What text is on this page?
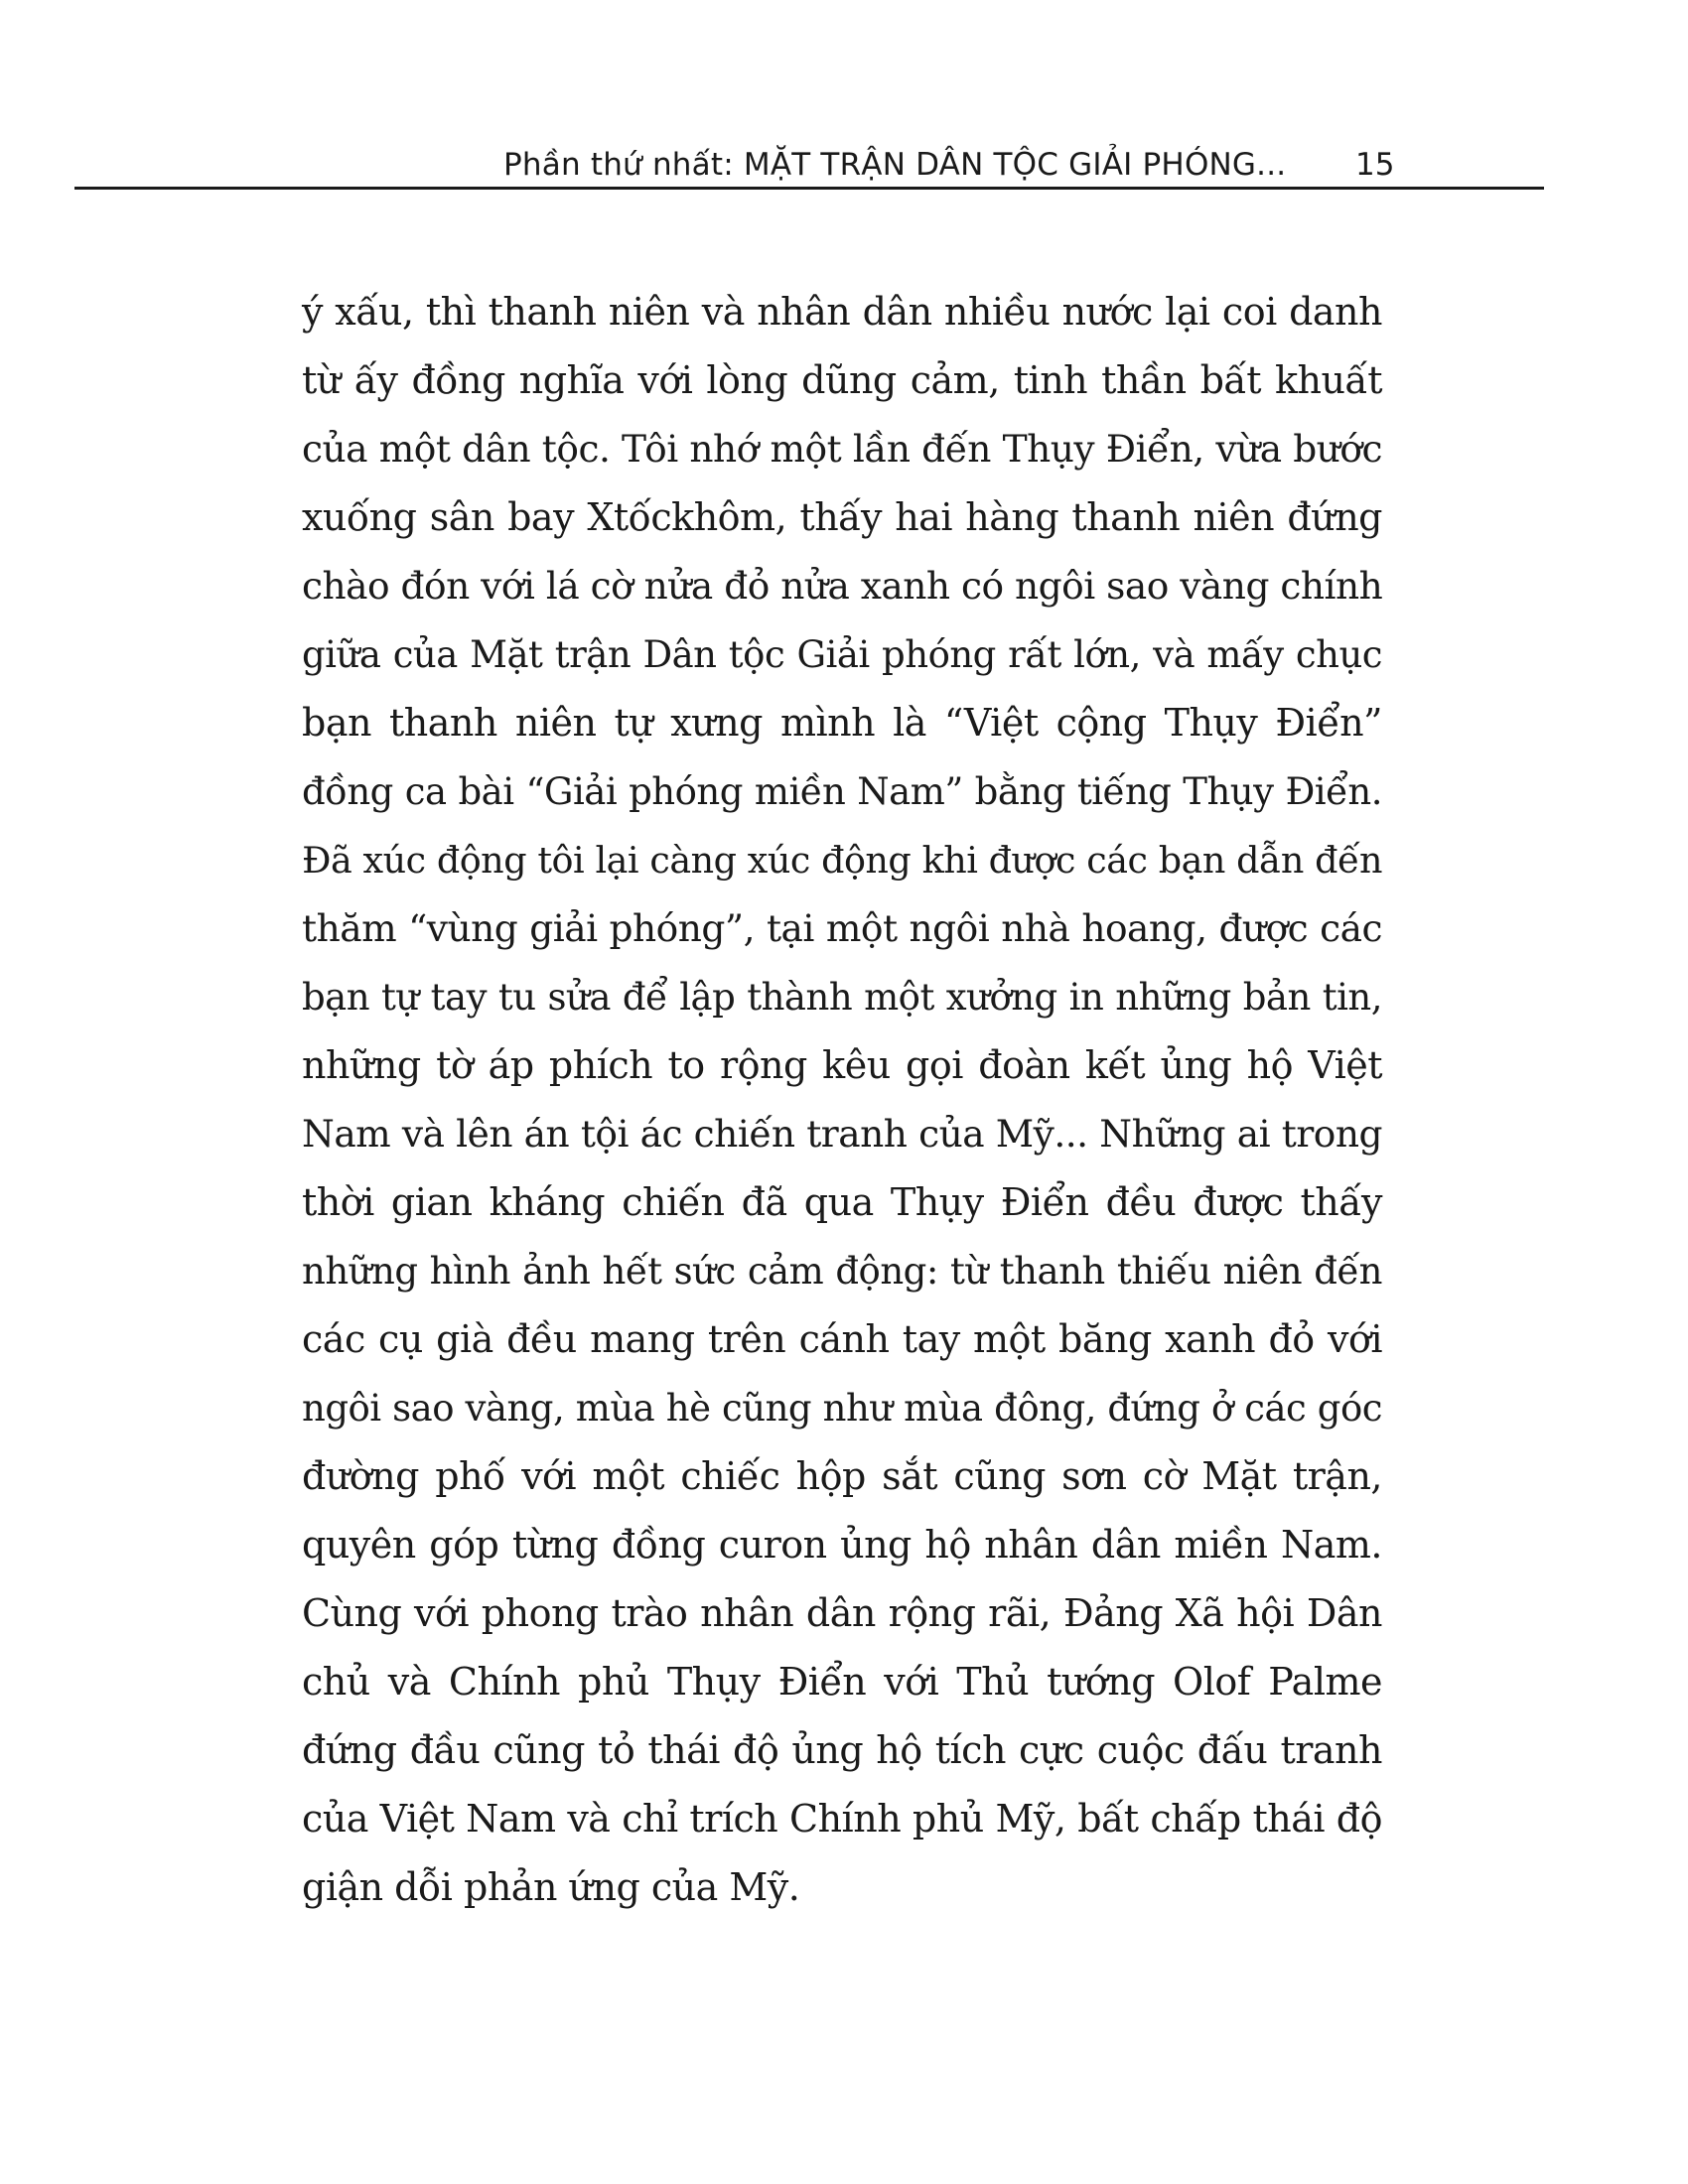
Phần thứ nhất: MẶT TRẬN DÂN TỘC GIẢI PHÓNG... 15
ý xấu, thì thanh niên và nhân dân nhiều nước lại coi danh
từ ấy đồng nghĩa với lòng dũng cảm, tinh thần bất khuất
của một dân tộc. Tôi nhớ một lần đến Thụy Điển, vừa bước
xuống sân bay Xtốckhôm, thấy hai hàng thanh niên đứng
chào đón với lá cờ nửa đỏ nửa xanh có ngôi sao vàng chính
giữa của Mặt trận Dân tộc Giải phóng rất lớn, và mấy chục
bạn thanh niên tự xưng mình là “Việt cộng Thụy Điển”
đồng ca bài “Giải phóng miền Nam” bằng tiếng Thụy Điển.
Đã xúc động tôi lại càng xúc động khi được các bạn dẫn đến
thăm “vùng giải phóng”, tại một ngôi nhà hoang, được các
bạn tự tay tu sửa để lập thành một xưởng in những bản tin,
những tờ áp phích to rộng kêu gọi đoàn kết ủng hộ Việt
Nam và lên án tội ác chiến tranh của Mỹ... Những ai trong
thời gian kháng chiến đã qua Thụy Điển đều được thấy
những hình ảnh hết sức cảm động: từ thanh thiếu niên đến
các cụ già đều mang trên cánh tay một băng xanh đỏ với
ngôi sao vàng, mùa hè cũng như mùa đông, đứng ở các góc
đường phố với một chiếc hộp sắt cũng sơn cờ Mặt trận,
quyên góp từng đồng curon ủng hộ nhân dân miền Nam.
Cùng với phong trào nhân dân rộng rãi, Đảng Xã hội Dân
chủ và Chính phủ Thụy Điển với Thủ tướng Olof Palme
đứng đầu cũng tỏ thái độ ủng hộ tích cực cuộc đấu tranh
của Việt Nam và chỉ trích Chính phủ Mỹ, bất chấp thái độ
giận dỗi phản ứng của Mỹ.
